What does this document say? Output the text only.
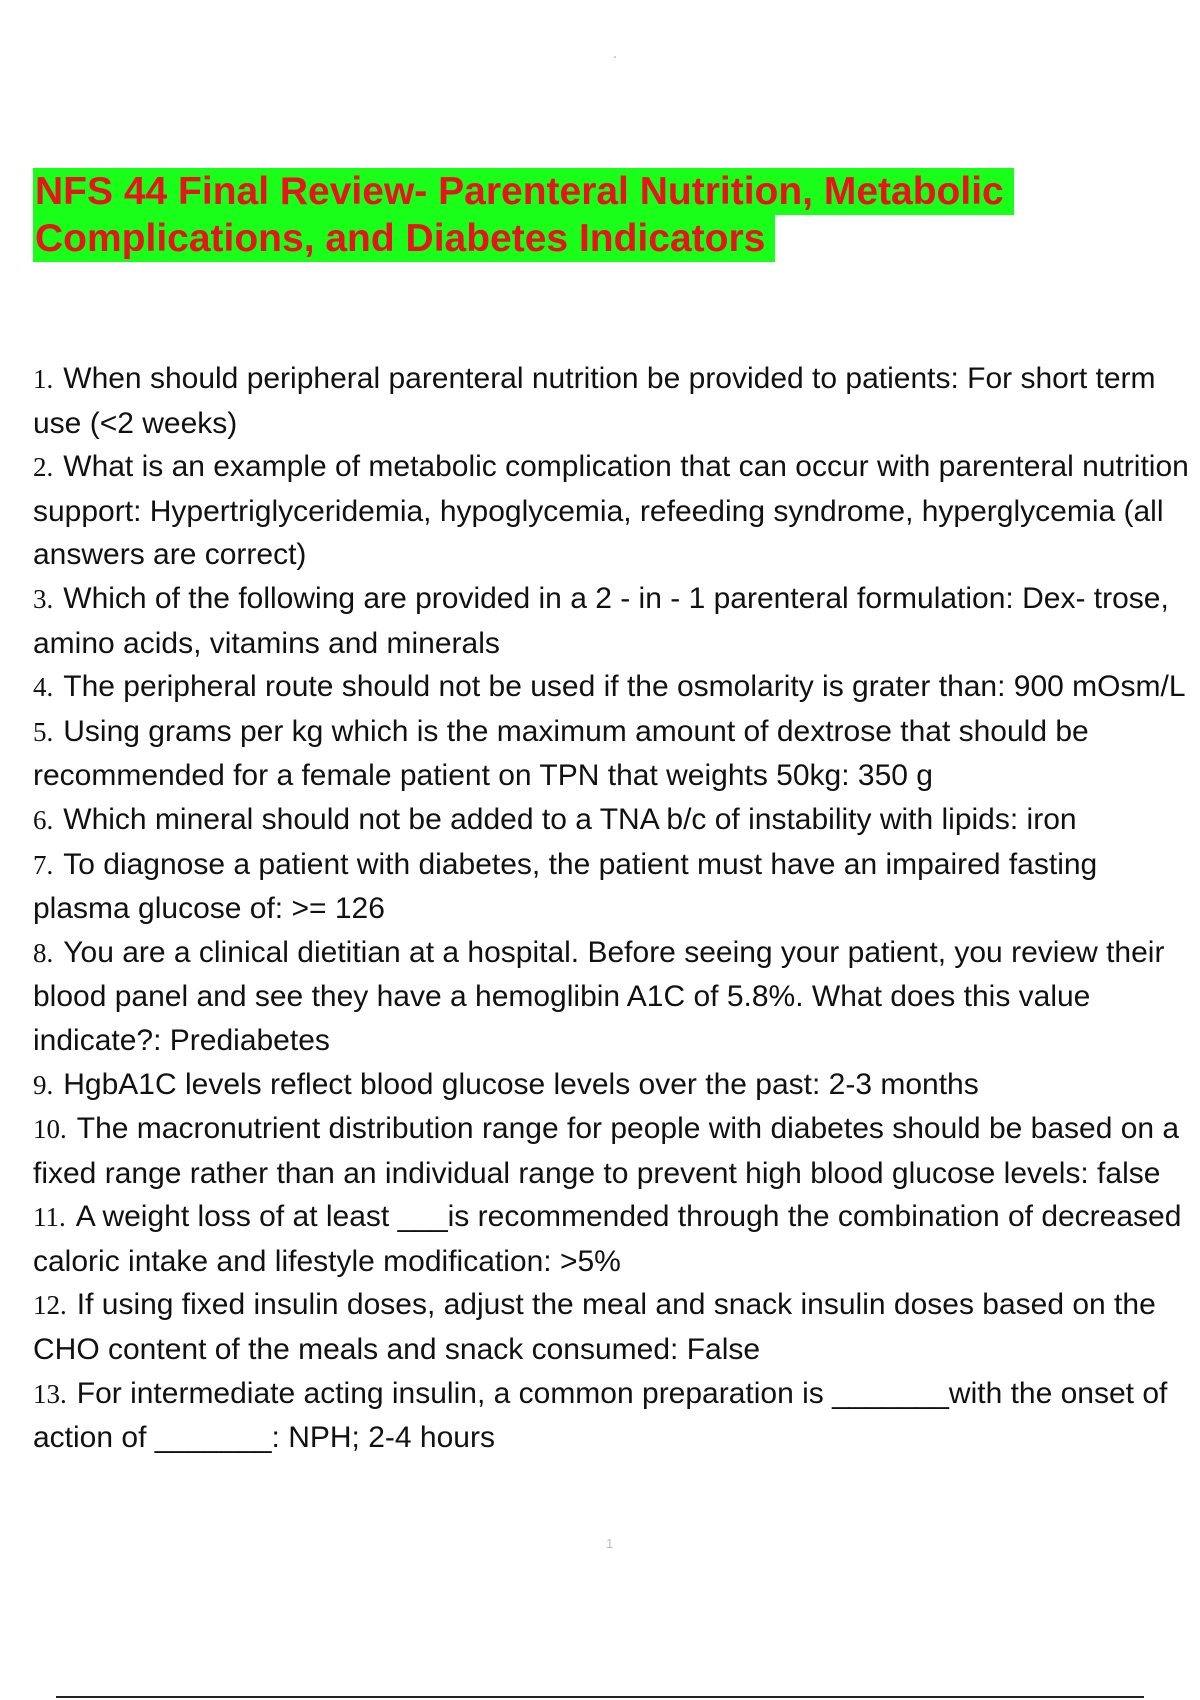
NFS 44 Final Review- Parenteral Nutrition, Metabolic
Complications, and Diabetes Indicators
1. When should peripheral parenteral nutrition be provided to patients: For short term use (<2 weeks)
2. What is an example of metabolic complication that can occur with parenteral nutrition support: Hypertriglyceridemia, hypoglycemia, refeeding syndrome, hyperglycemia (all answers are correct)
3. Which of the following are provided in a 2 - in - 1 parenteral formulation: Dex- trose, amino acids, vitamins and minerals
4. The peripheral route should not be used if the osmolarity is grater than: 900 mOsm/L
5. Using grams per kg which is the maximum amount of dextrose that should be recommended for a female patient on TPN that weights 50kg: 350 g
6. Which mineral should not be added to a TNA b/c of instability with lipids: iron
7. To diagnose a patient with diabetes, the patient must have an impaired fasting plasma glucose of: >= 126
8. You are a clinical dietitian at a hospital. Before seeing your patient, you review their blood panel and see they have a hemoglibin A1C of 5.8%. What does this value indicate?: Prediabetes
9. HgbA1C levels reflect blood glucose levels over the past: 2-3 months
10. The macronutrient distribution range for people with diabetes should be based on a fixed range rather than an individual range to prevent high blood glucose levels: false
11. A weight loss of at least ___is recommended through the combination of decreased caloric intake and lifestyle modification: >5%
12. If using fixed insulin doses, adjust the meal and snack insulin doses based on the CHO content of the meals and snack consumed: False
13. For intermediate acting insulin, a common preparation is _______with the onset of action of _______: NPH; 2-4 hours
1
